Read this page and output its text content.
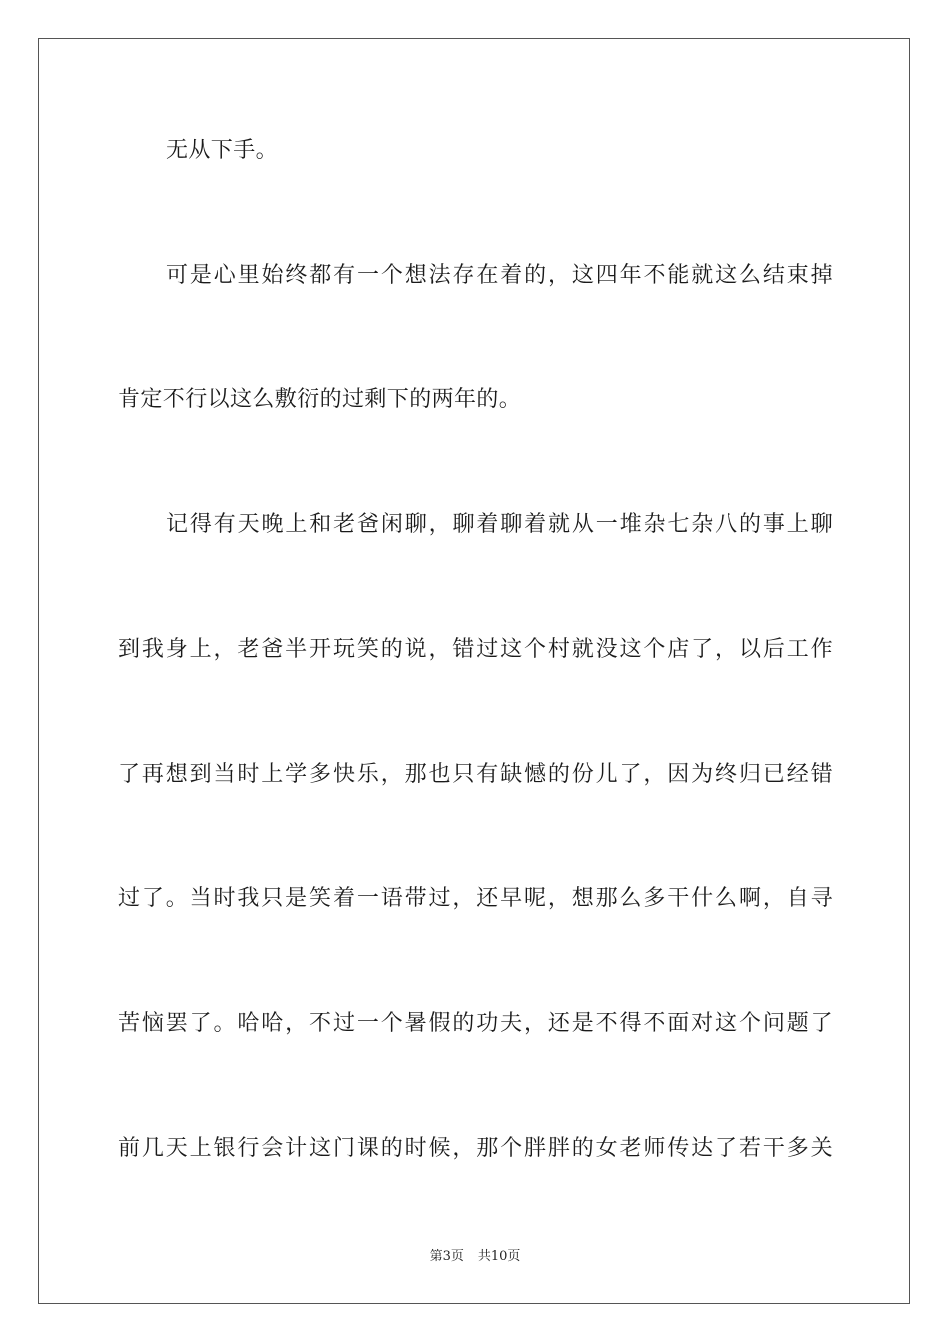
无从下手。
可是心里始终都有一个想法存在着的，这四年不能就这么结束掉
肯定不行以这么敷衍的过剩下的两年的。
记得有天晚上和老爸闲聊，聊着聊着就从一堆杂七杂八的事上聊
到我身上，老爸半开玩笑的说，错过这个村就没这个店了，以后工作
了再想到当时上学多快乐，那也只有缺憾的份儿了，因为终归已经错
过了。当时我只是笑着一语带过，还早呢，想那么多干什么啊，自寻
苦恼罢了。哈哈，不过一个暑假的功夫，还是不得不面对这个问题了
前几天上银行会计这门课的时候，那个胖胖的女老师传达了若干多关
第3页 共10页
